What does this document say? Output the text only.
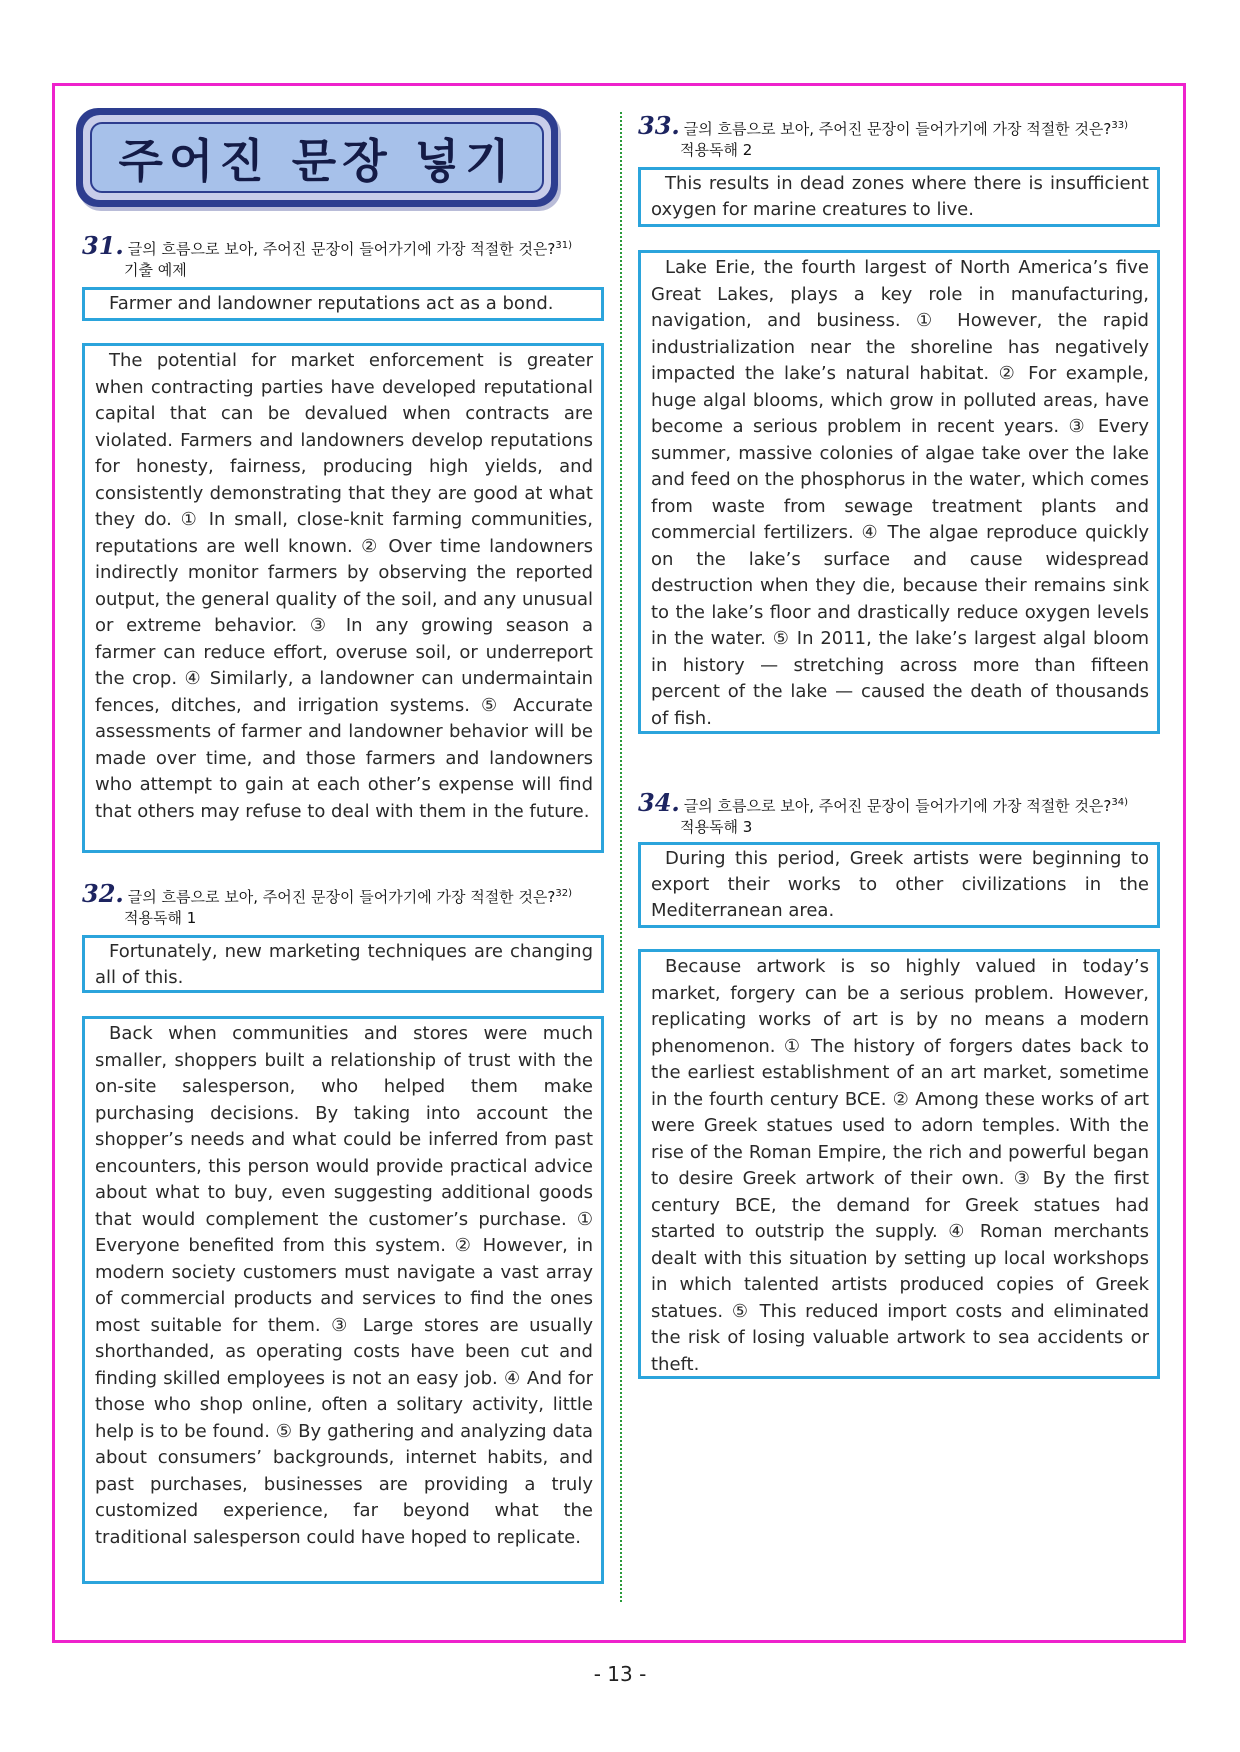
주어진 문장 넣기
31. 글의 흐름으로 보아, 주어진 문장이 들어가기에 가장 적절한 것은?$^{31)}$
기출 예제
Farmer and landowner reputations act as a bond.
The potential for market enforcement is greater when contracting parties have developed reputational capital that can be devalued when contracts are violated. Farmers and landowners develop reputations for honesty, fairness, producing high yields, and consistently demonstrating that they are good at what they do. ① In small, close-knit farming communities, reputations are well known. ② Over time landowners indirectly monitor farmers by observing the reported output, the general quality of the soil, and any unusual or extreme behavior. ③ In any growing season a farmer can reduce effort, overuse soil, or underreport the crop. ④ Similarly, a landowner can undermaintain fences, ditches, and irrigation systems. ⑤ Accurate assessments of farmer and landowner behavior will be made over time, and those farmers and landowners who attempt to gain at each other’s expense will find that others may refuse to deal with them in the future.
32. 글의 흐름으로 보아, 주어진 문장이 들어가기에 가장 적절한 것은?$^{32)}$
적용독해 1
Fortunately, new marketing techniques are changing all of this.
Back when communities and stores were much smaller, shoppers built a relationship of trust with the on-site salesperson, who helped them make purchasing decisions. By taking into account the shopper’s needs and what could be inferred from past encounters, this person would provide practical advice about what to buy, even suggesting additional goods that would complement the customer’s purchase. ① Everyone benefited from this system. ② However, in modern society customers must navigate a vast array of commercial products and services to find the ones most suitable for them. ③ Large stores are usually shorthanded, as operating costs have been cut and finding skilled employees is not an easy job. ④ And for those who shop online, often a solitary activity, little help is to be found. ⑤ By gathering and analyzing data about consumers’ backgrounds, internet habits, and past purchases, businesses are providing a truly customized experience, far beyond what the traditional salesperson could have hoped to replicate.
33. 글의 흐름으로 보아, 주어진 문장이 들어가기에 가장 적절한 것은?$^{33)}$
적용독해 2
This results in dead zones where there is insufficient oxygen for marine creatures to live.
Lake Erie, the fourth largest of North America’s five Great Lakes, plays a key role in manufacturing, navigation, and business. ① However, the rapid industrialization near the shoreline has negatively impacted the lake’s natural habitat. ② For example, huge algal blooms, which grow in polluted areas, have become a serious problem in recent years. ③ Every summer, massive colonies of algae take over the lake and feed on the phosphorus in the water, which comes from waste from sewage treatment plants and commercial fertilizers. ④ The algae reproduce quickly on the lake’s surface and cause widespread destruction when they die, because their remains sink to the lake’s floor and drastically reduce oxygen levels in the water. ⑤ In 2011, the lake’s largest algal bloom in history — stretching across more than fifteen percent of the lake — caused the death of thousands of fish.
34. 글의 흐름으로 보아, 주어진 문장이 들어가기에 가장 적절한 것은?$^{34)}$
적용독해 3
During this period, Greek artists were beginning to export their works to other civilizations in the Mediterranean area.
Because artwork is so highly valued in today’s market, forgery can be a serious problem. However, replicating works of art is by no means a modern phenomenon. ① The history of forgers dates back to the earliest establishment of an art market, sometime in the fourth century BCE. ② Among these works of art were Greek statues used to adorn temples. With the rise of the Roman Empire, the rich and powerful began to desire Greek artwork of their own. ③ By the first century BCE, the demand for Greek statues had started to outstrip the supply. ④ Roman merchants dealt with this situation by setting up local workshops in which talented artists produced copies of Greek statues. ⑤ This reduced import costs and eliminated the risk of losing valuable artwork to sea accidents or theft.
- 13 -
